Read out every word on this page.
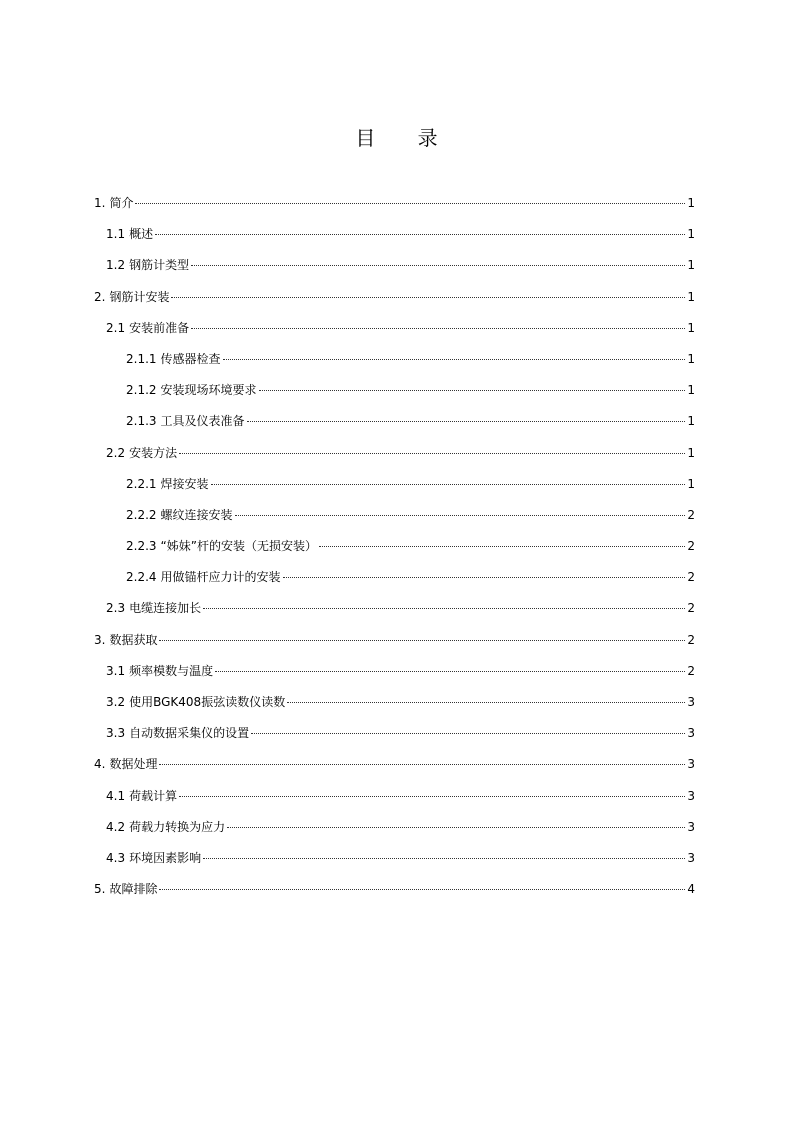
目 录
1. 简介	1
1.1 概述	1
1.2 钢筋计类型	1
2. 钢筋计安装	1
2.1 安装前准备	1
2.1.1 传感器检查	1
2.1.2 安装现场环境要求	1
2.1.3 工具及仪表准备	1
2.2 安装方法	1
2.2.1 焊接安装	1
2.2.2 螺纹连接安装	2
2.2.3 “姊妹”杆的安装（无损安装）	2
2.2.4 用做锚杆应力计的安装	2
2.3 电缆连接加长	2
3. 数据获取	2
3.1 频率模数与温度	2
3.2 使用BGK408振弦读数仪读数	3
3.3 自动数据采集仪的设置	3
4. 数据处理	3
4.1 荷载计算	3
4.2 荷载力转换为应力	3
4.3 环境因素影响	3
5. 故障排除	4
